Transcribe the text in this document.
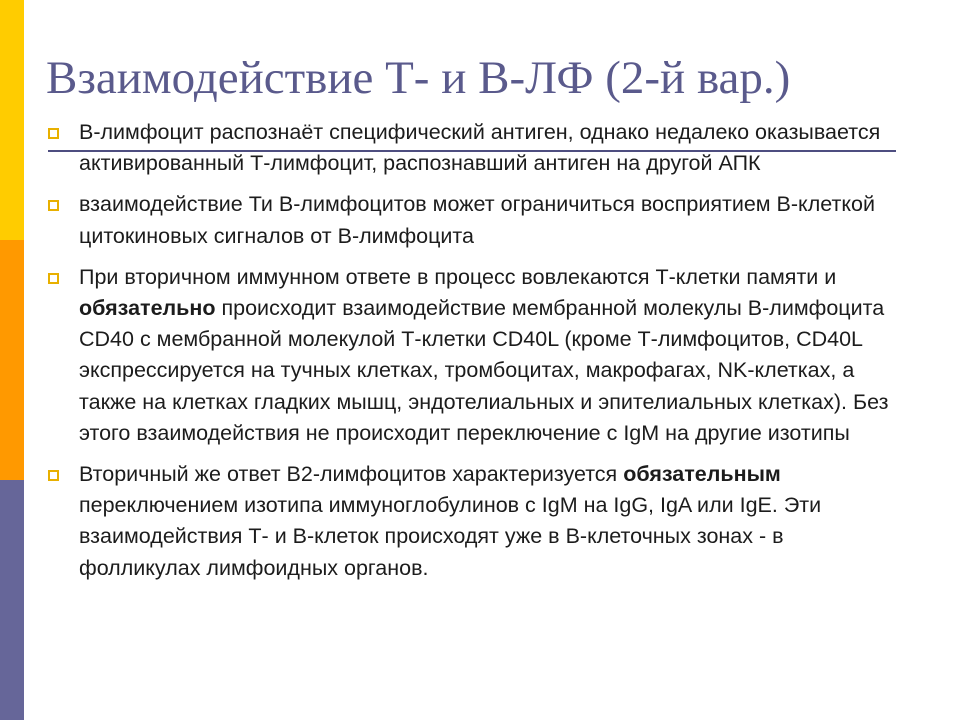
Взаимодействие Т- и В-ЛФ (2-й вар.)
В-лимфоцит распознаёт специфический антиген, однако недалеко оказывается активированный Т-лимфоцит, распознавший антиген на другой АПК
взаимодействие Ти В-лимфоцитов может ограничиться восприятием В-клеткой цитокиновых сигналов от В-лимфоцита
При вторичном иммунном ответе в процесс вовлекаются Т-клетки памяти и обязательно происходит взаимодействие мембранной молекулы В-лимфоцита CD40 с мембранной молекулой Т-клетки CD40L (кроме Т-лимфоцитов, CD40L экспрессируется на тучных клетках, тромбоцитах, макрофагах, NK-клетках, а также на клетках гладких мышц, эндотелиальных и эпителиальных клетках). Без этого взаимодействия не происходит переключение с IgM на другие изотипы
Вторичный же ответ В2-лимфоцитов характеризуется обязательным переключением изотипа иммуноглобулинов с IgM на IgG, IgA или IgE. Эти взаимодействия Т- и В-клеток происходят уже в В-клеточных зонах - в фолликулах лимфоидных органов.
